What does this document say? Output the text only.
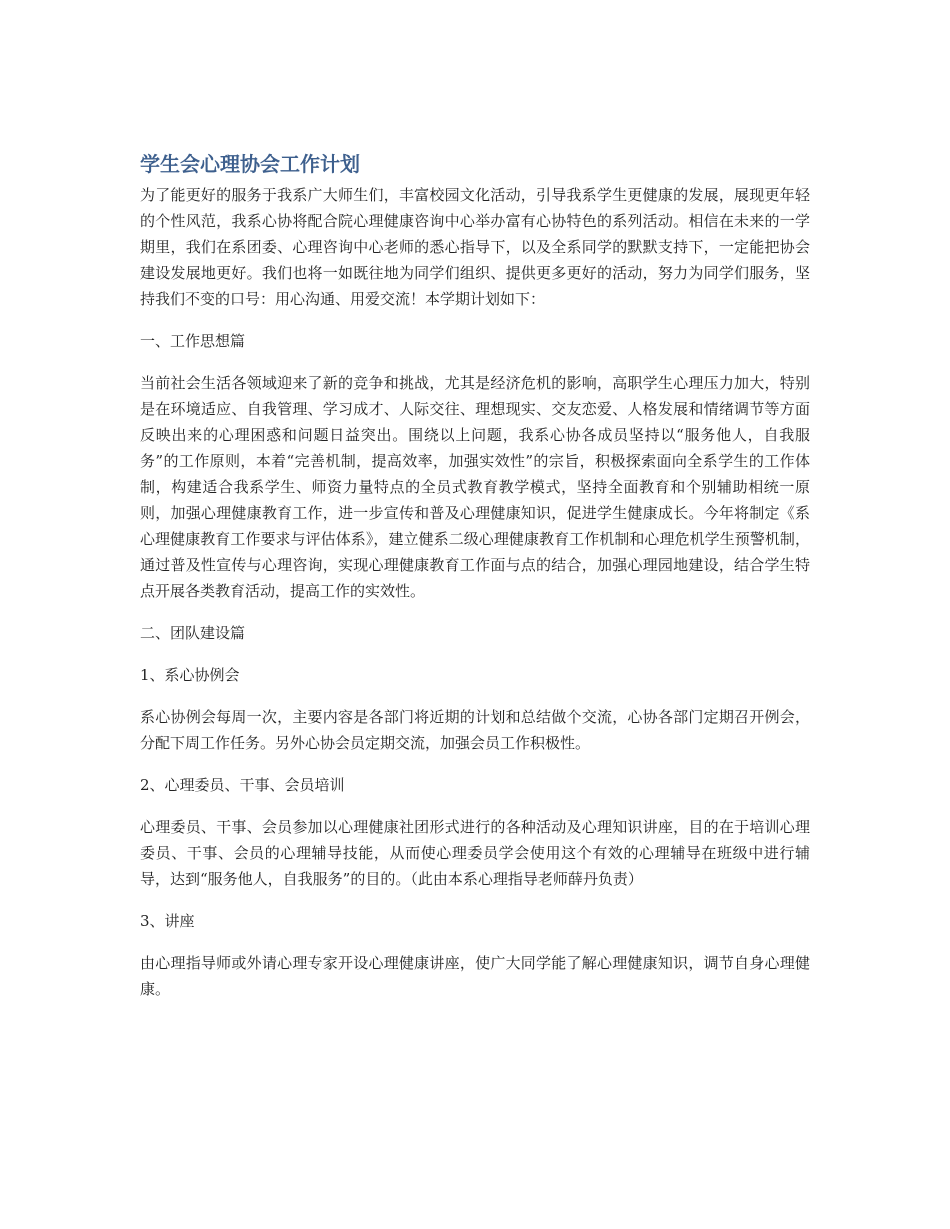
学生会心理协会工作计划

为了能更好的服务于我系广大师生们，丰富校园文化活动，引导我系学生更健康的发展，展现更年轻的个性风范，我系心协将配合院心理健康咨询中心举办富有心协特色的系列活动。相信在未来的一学期里，我们在系团委、心理咨询中心老师的悉心指导下，以及全系同学的默默支持下，一定能把协会建设发展地更好。我们也将一如既往地为同学们组织、提供更多更好的活动，努力为同学们服务，坚持我们不变的口号：用心沟通、用爱交流！本学期计划如下：

一、工作思想篇

当前社会生活各领域迎来了新的竞争和挑战，尤其是经济危机的影响，高职学生心理压力加大，特别是在环境适应、自我管理、学习成才、人际交往、理想现实、交友恋爱、人格发展和情绪调节等方面反映出来的心理困惑和问题日益突出。围绕以上问题，我系心协各成员坚持以“服务他人，自我服务”的工作原则，本着“完善机制，提高效率，加强实效性”的宗旨，积极探索面向全系学生的工作体制，构建适合我系学生、师资力量特点的全员式教育教学模式，坚持全面教育和个别辅助相统一原则，加强心理健康教育工作，进一步宣传和普及心理健康知识，促进学生健康成长。今年将制定《系心理健康教育工作要求与评估体系》，建立健系二级心理健康教育工作机制和心理危机学生预警机制，通过普及性宣传与心理咨询，实现心理健康教育工作面与点的结合，加强心理园地建设，结合学生特点开展各类教育活动，提高工作的实效性。

二、团队建设篇

1、系心协例会

系心协例会每周一次，主要内容是各部门将近期的计划和总结做个交流，心协各部门定期召开例会，分配下周工作任务。另外心协会员定期交流，加强会员工作积极性。

2、心理委员、干事、会员培训

心理委员、干事、会员参加以心理健康社团形式进行的各种活动及心理知识讲座，目的在于培训心理委员、干事、会员的心理辅导技能，从而使心理委员学会使用这个有效的心理辅导在班级中进行辅导，达到“服务他人，自我服务”的目的。（此由本系心理指导老师薛丹负责）

3、讲座

由心理指导师或外请心理专家开设心理健康讲座，使广大同学能了解心理健康知识，调节自身心理健康。
